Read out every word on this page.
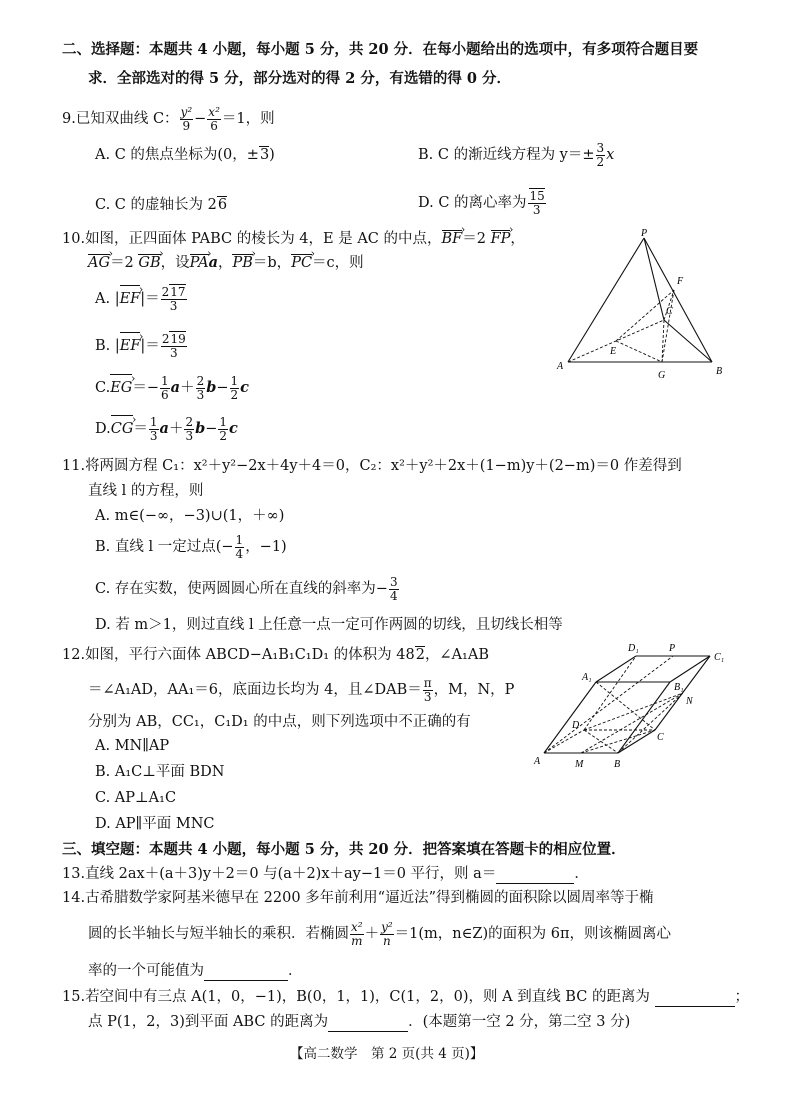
二、选择题：本题共 4 小题，每小题 5 分，共 20 分．在每小题给出的选项中，有多项符合题目要
求．全部选对的得 5 分，部分选对的得 2 分，有选错的得 0 分．
9.已知双曲线 C： $\frac{\text{y²}}{9} - \frac{\text{x²}}{6} =1$，则
A. C 的焦点坐标为(0，±3)	B. C 的渐近线方程为 $y=\pm \frac{3}{2}$ x
C. C 的虚轴长为 26	D. C 的离心率为 $\frac{15}{3}$
10.如图，正四面体 PABC 的棱长为 4，E 是 AC 的中点，BF ›＝2 FP ›，
AG ›＝2 GB ›，设PA ›a，PB ›＝b，PC ›＝c，则
A. |EF ›|＝ $\frac{217}{3}$
B. |EF ›|＝ $\frac{219}{3}$
C.EG ›＝− $\frac{1}{6} a+ \frac{2}{3} b- \frac{1}{2}$ c
D.CG ›＝ $\frac{1}{3} a+ \frac{2}{3} b- \frac{1}{2}$ c
P
F
C
E
A
G	B
11.将两圆方程 C₁：x²＋y²−2x＋4y＋4＝0，C₂：x²＋y²＋2x＋(1−m)y＋(2−m)＝0 作差得到
直线 l 的方程，则
A. m∈(−∞，−3)∪(1，＋∞)
B. 直线 l 一定过点(− $\frac{1}{4}$ ，−1)
C. 存在实数，使两圆圆心所在直线的斜率为− $\frac{3}{4}$
D. 若 m＞1，则过直线 l 上任意一点一定可作两圆的切线，且切线长相等
12.如图，平行六面体 ABCD−A₁B₁C₁D₁ 的体积为 482，∠A₁AB
＝∠A₁AD，AA₁＝6，底面边长均为 4，且∠DAB＝ $\frac{\pi}{3}$ ，M，N，P
分别为 AB，CC₁，C₁D₁ 的中点，则下列选项中不正确的有
A. MN∥AP
B. A₁C⊥平面 BDN
C. AP⊥A₁C
D. AP∥平面 MNC
D₁	P
C₁
A₁
B₁
N
D
C
A	M	B
三、填空题：本题共 4 小题，每小题 5 分，共 20 分．把答案填在答题卡的相应位置．
13.直线 2ax＋(a＋3)y＋2＝0 与(a＋2)x＋ay−1＝0 平行，则 a＝	．
14.古希腊数学家阿基米德早在 2200 多年前利用“逼近法”得到椭圆的面积除以圆周率等于椭
圆的长半轴长与短半轴长的乘积．若椭圆 $\frac{\text{x²}}{m} + \frac{\text{y²}}{n} =1(m$，n∈Z)的面积为 6π，则该椭圆离心
率的一个可能值为	．
15.若空间中有三点 A(1，0，−1)，B(0，1，1)，C(1，2，0)，则 A 到直线 BC 的距离为	；
点 P(1，2，3)到平面 ABC 的距离为	．(本题第一空 2 分，第二空 3 分)
【高二数学　第 2 页(共 4 页)】
